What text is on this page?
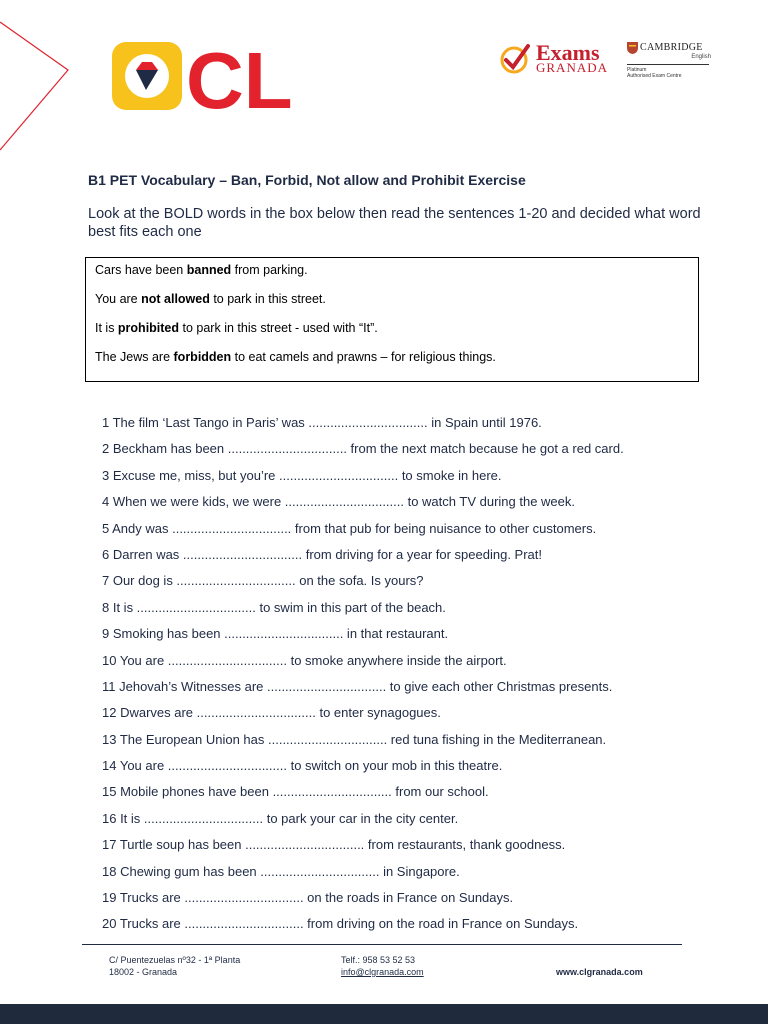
CL	Exams
GRANADA
CAMBRIDGE
English
Platinum
Authorised Exam Centre
B1 PET Vocabulary – Ban, Forbid, Not allow and Prohibit Exercise

Look at the BOLD words in the box below then read the sentences 1-20 and decided what word best fits each one

Cars have been banned from parking.
You are not allowed to park in this street.
It is prohibited to park in this street - used with “It”.
The Jews are forbidden to eat camels and prawns – for religious things.
1 The film ‘Last Tango in Paris’ was ................................. in Spain until 1976.
2 Beckham has been ................................. from the next match because he got a red card.
3 Excuse me, miss, but you’re ................................. to smoke in here.
4 When we were kids, we were ................................. to watch TV during the week.
5 Andy was ................................. from that pub for being nuisance to other customers.
6 Darren was ................................. from driving for a year for speeding. Prat!
7 Our dog is ................................. on the sofa. Is yours?
8 It is ................................. to swim in this part of the beach.
9 Smoking has been ................................. in that restaurant.
10 You are ................................. to smoke anywhere inside the airport.
11 Jehovah’s Witnesses are ................................. to give each other Christmas presents.
12 Dwarves are ................................. to enter synagogues.
13 The European Union has ................................. red tuna fishing in the Mediterranean.
14 You are ................................. to switch on your mob in this theatre.
15 Mobile phones have been ................................. from our school.
16 It is ................................. to park your car in the city center.
17 Turtle soup has been ................................. from restaurants, thank goodness.
18 Chewing gum has been ................................. in Singapore.
19 Trucks are ................................. on the roads in France on Sundays.
20 Trucks are ................................. from driving on the road in France on Sundays.
C/ Puentezuelas nº32 - 1ª Planta
18002 - Granada
Telf.: 958 53 52 53
info@clgranada.com	www.clgranada.com
